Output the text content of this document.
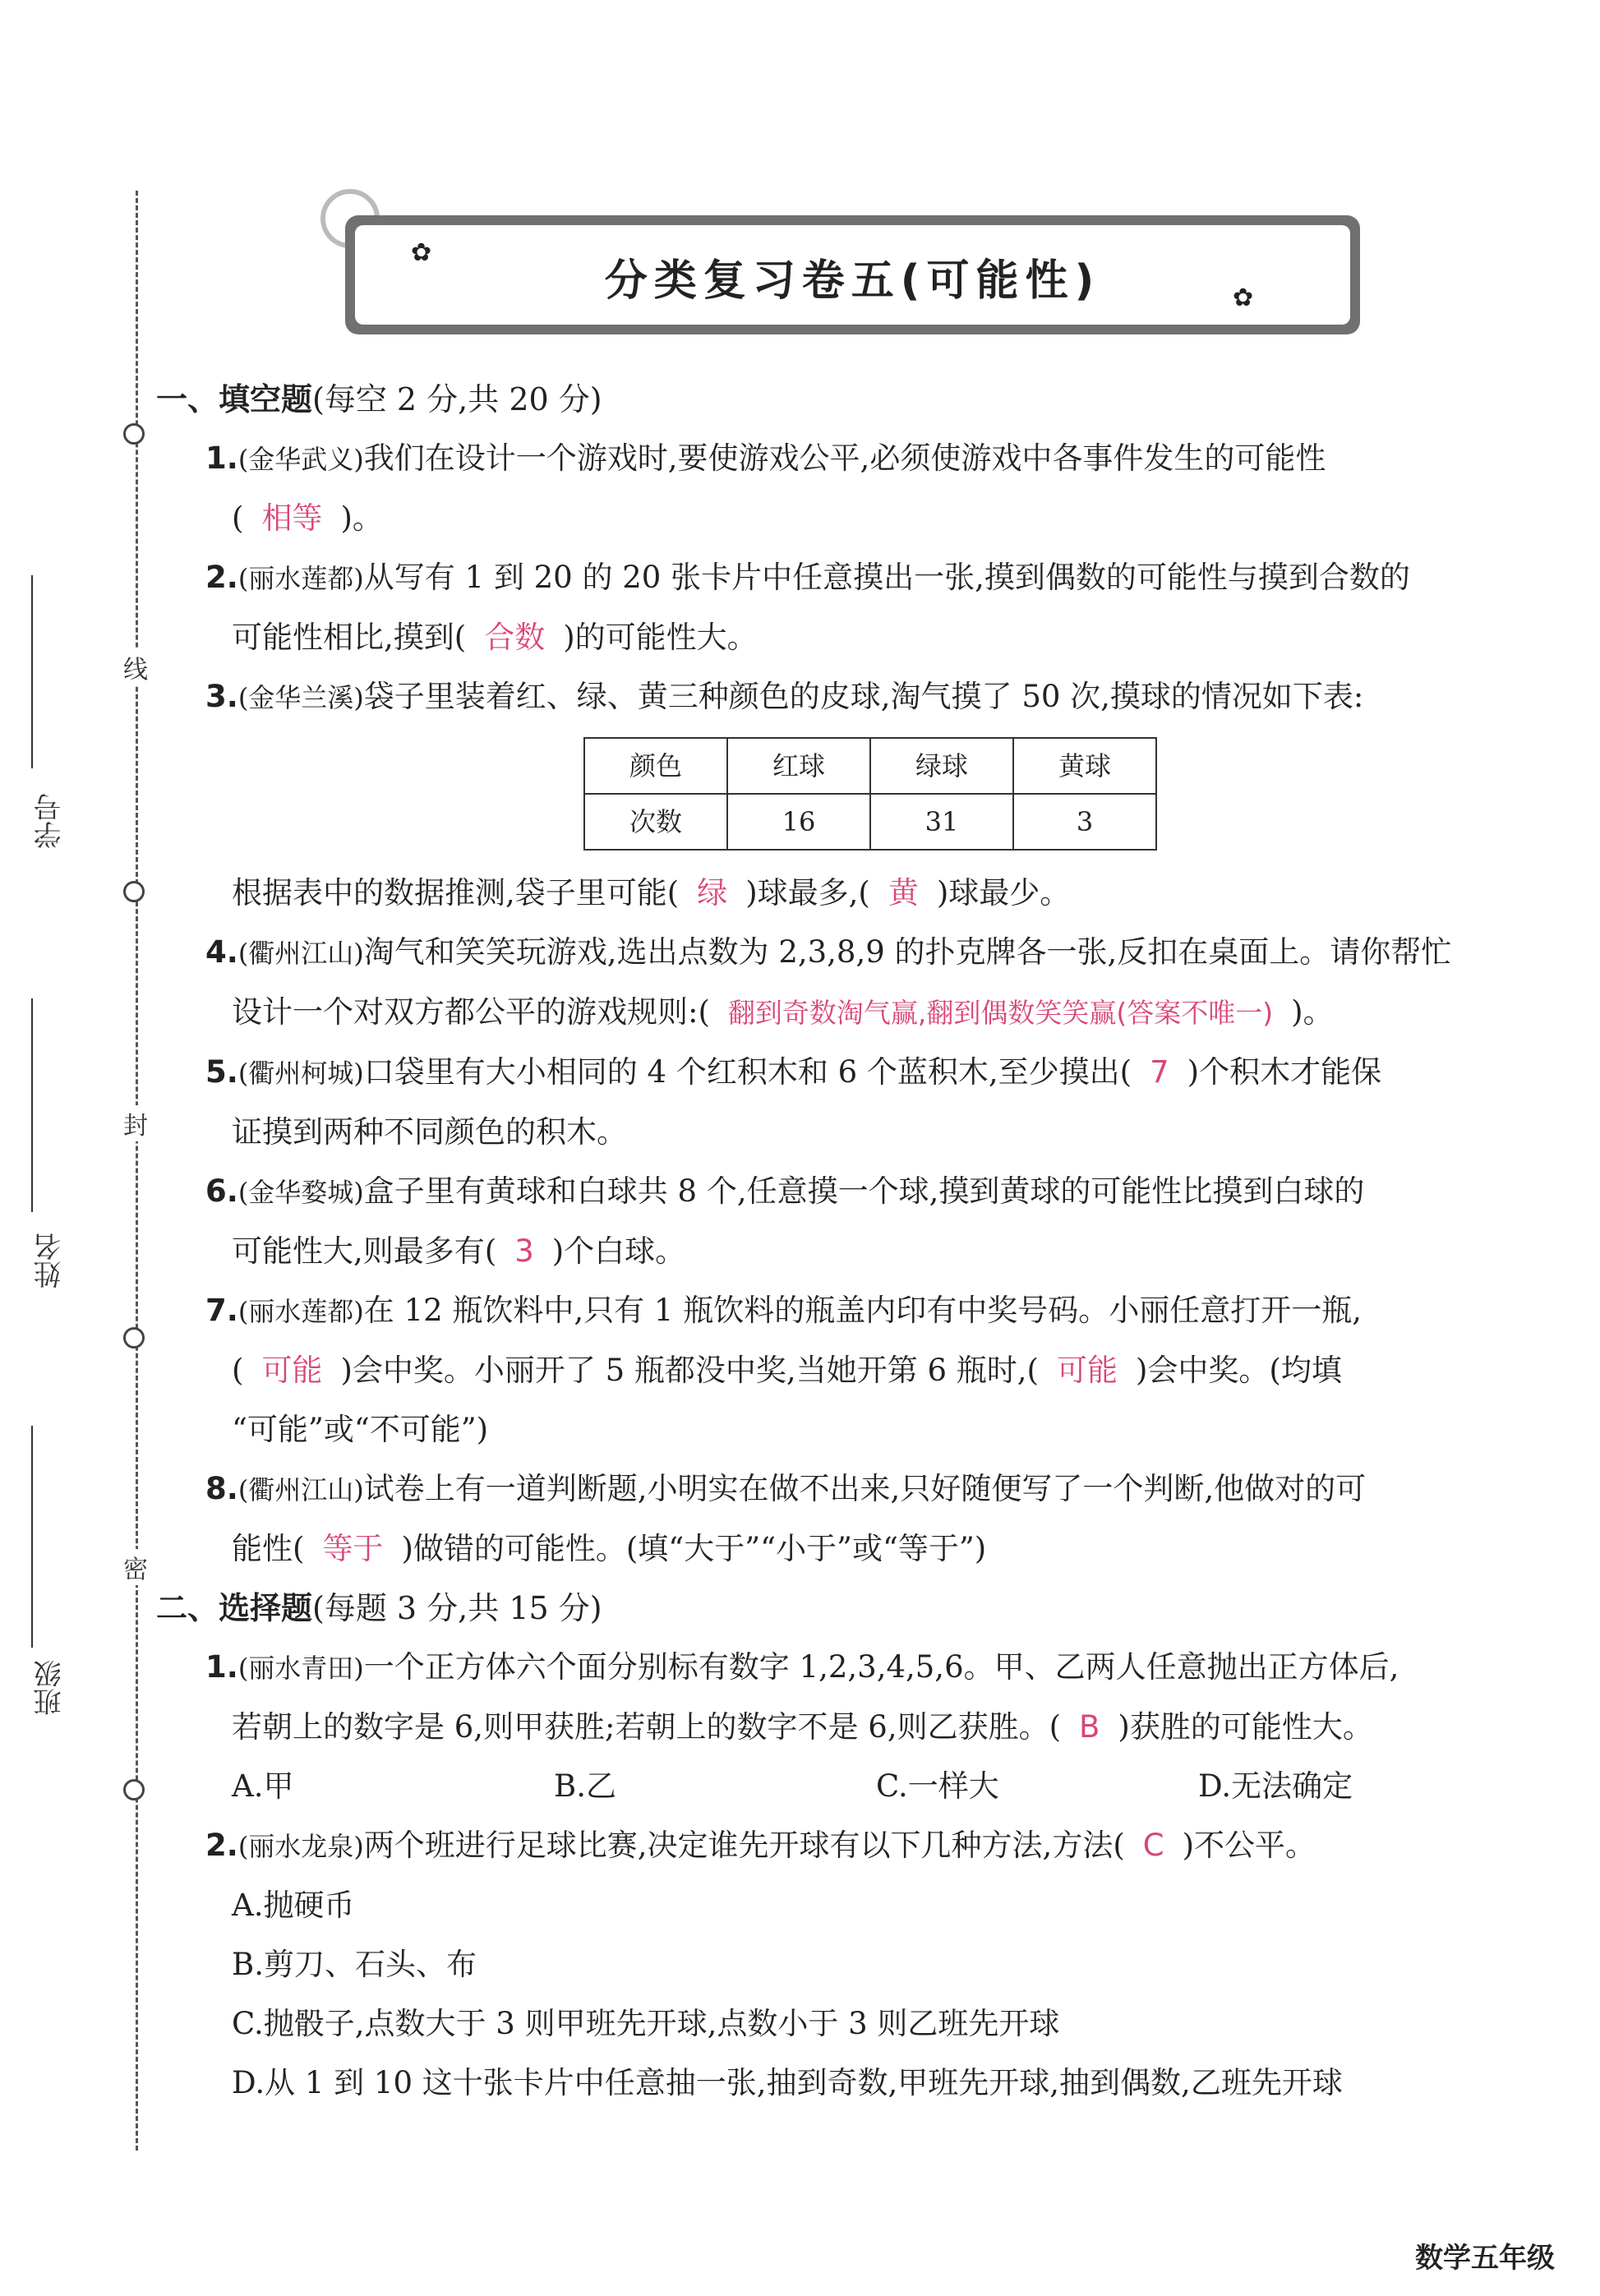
线
封
密
学号
姓名
班级
分类复习卷五(可能性)
✿
✿
一、填空题(每空 2 分,共 20 分)
1.(金华武义)我们在设计一个游戏时,要使游戏公平,必须使游戏中各事件发生的可能性
( 相等 )。
2.(丽水莲都)从写有 1 到 20 的 20 张卡片中任意摸出一张,摸到偶数的可能性与摸到合数的
可能性相比,摸到( 合数 )的可能性大。
3.(金华兰溪)袋子里装着红、绿、黄三种颜色的皮球,淘气摸了 50 次,摸球的情况如下表:
颜色	红球	绿球	黄球
次数	16	31	3
根据表中的数据推测,袋子里可能( 绿 )球最多,( 黄 )球最少。
4.(衢州江山)淘气和笑笑玩游戏,选出点数为 2,3,8,9 的扑克牌各一张,反扣在桌面上。请你帮忙
设计一个对双方都公平的游戏规则:( 翻到奇数淘气赢,翻到偶数笑笑赢(答案不唯一) )。
5.(衢州柯城)口袋里有大小相同的 4 个红积木和 6 个蓝积木,至少摸出( 7 )个积木才能保
证摸到两种不同颜色的积木。
6.(金华婺城)盒子里有黄球和白球共 8 个,任意摸一个球,摸到黄球的可能性比摸到白球的
可能性大,则最多有( 3 )个白球。
7.(丽水莲都)在 12 瓶饮料中,只有 1 瓶饮料的瓶盖内印有中奖号码。小丽任意打开一瓶,
( 可能 )会中奖。小丽开了 5 瓶都没中奖,当她开第 6 瓶时,( 可能 )会中奖。(均填
“可能”或“不可能”)
8.(衢州江山)试卷上有一道判断题,小明实在做不出来,只好随便写了一个判断,他做对的可
能性( 等于 )做错的可能性。(填“大于”“小于”或“等于”)
二、选择题(每题 3 分,共 15 分)
1.(丽水青田)一个正方体六个面分别标有数字 1,2,3,4,5,6。甲、乙两人任意抛出正方体后,
若朝上的数字是 6,则甲获胜;若朝上的数字不是 6,则乙获胜。( B )获胜的可能性大。
A.甲	B.乙	C.一样大	D.无法确定
2.(丽水龙泉)两个班进行足球比赛,决定谁先开球有以下几种方法,方法( C )不公平。
A.抛硬币
B.剪刀、石头、布
C.抛骰子,点数大于 3 则甲班先开球,点数小于 3 则乙班先开球
D.从 1 到 10 这十张卡片中任意抽一张,抽到奇数,甲班先开球,抽到偶数,乙班先开球
数学五年级
